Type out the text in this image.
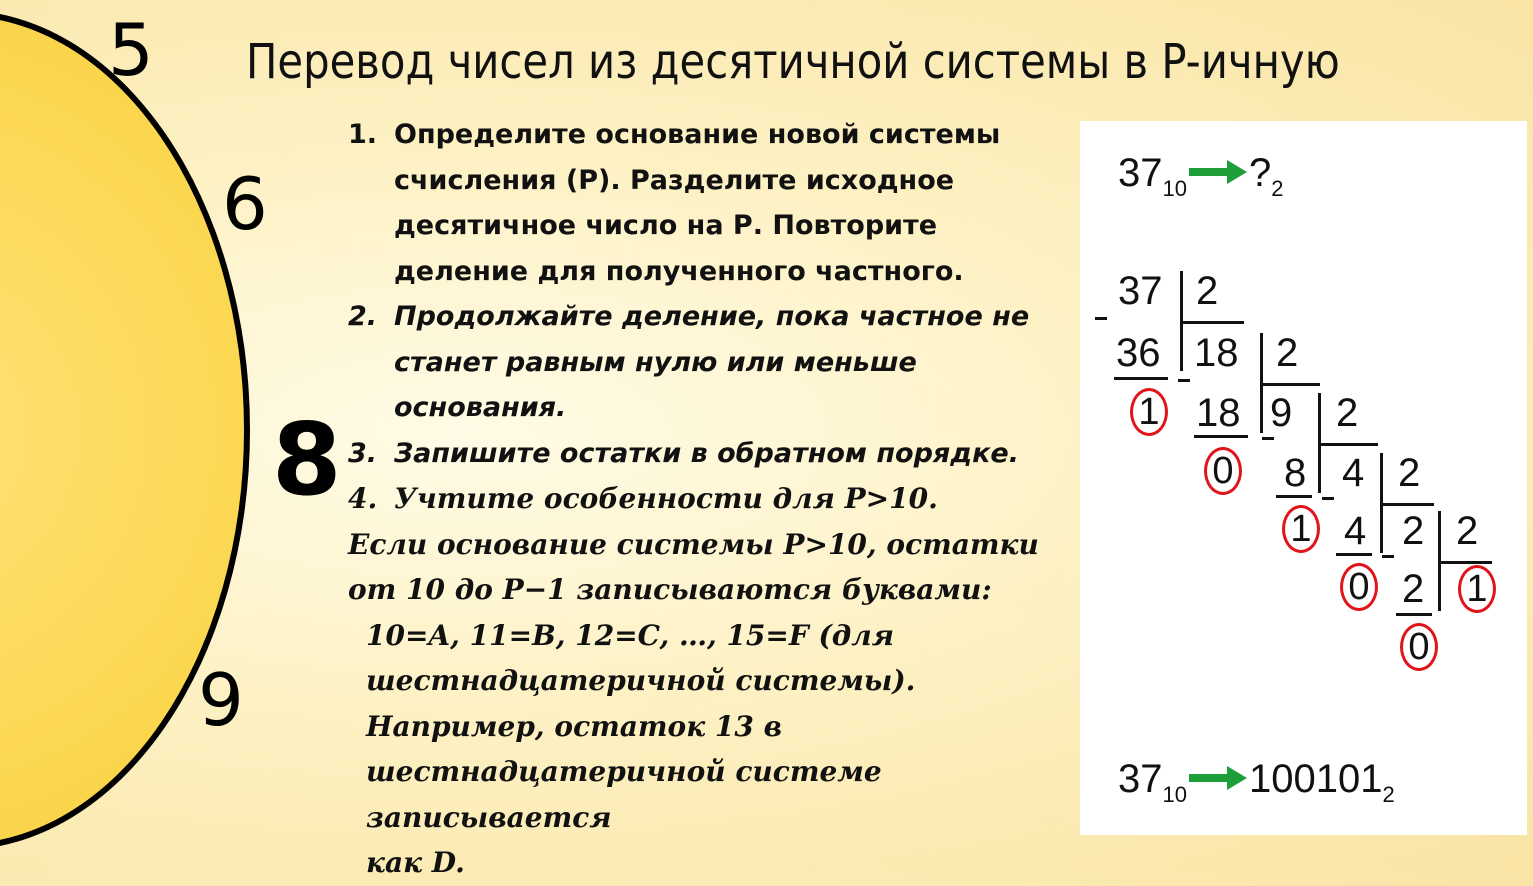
5
6
8
9
Перевод чисел из десятичной системы в P-ичную
1. Определите основание новой системы счисления (Р). Разделите исходное десятичное число на Р. Повторите деление для полученного частного.
2. Продолжайте деление, пока частное не станет равным нулю или меньше основания.
3. Запишите остатки в обратном порядке.
4. Учтите особенности для Р>10.
Если основание системы Р>10, остатки
от 10 до Р−1 записываются буквами:
10=A, 11=B, 12=C, …, 15=F (для
шестнадцатеричной системы).
Например, остаток 13 в
шестнадцатеричной системе записывается
как D.
$37_{10}$ $?_2$
37 2
36
1
18 2
18
0
9 2
8
1
4 2
4
0
2 2
2
0
1
$37_{10}$ $100101_2$
